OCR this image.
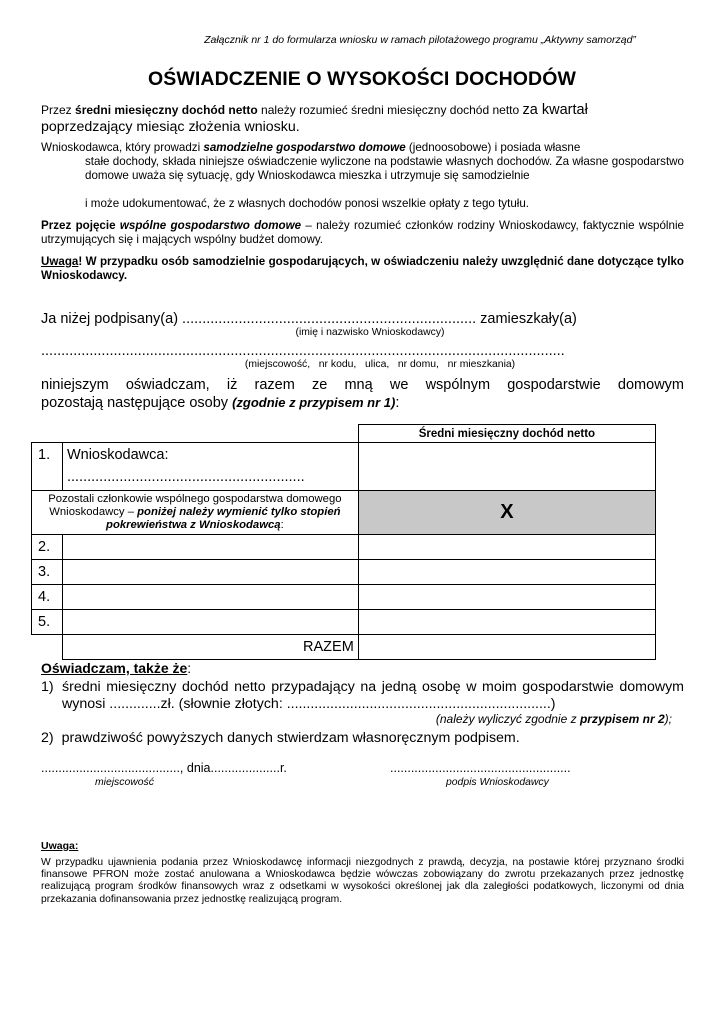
Załącznik nr 1 do formularza wniosku w ramach pilotażowego programu „Aktywny samorząd”
OŚWIADCZENIE O WYSOKOŚCI DOCHODÓW
Przez średni miesięczny dochód netto należy rozumieć średni miesięczny dochód netto za kwartał
poprzedzający miesiąc złożenia wniosku.
Wnioskodawca, który prowadzi samodzielne gospodarstwo domowe (jednoosobowe) i posiada własne
stałe dochody, składa niniejsze oświadczenie wyliczone na podstawie własnych dochodów. Za własne gospodarstwo domowe uważa się sytuację, gdy Wnioskodawca mieszka i utrzymuje się samodzielnie
i może udokumentować, że z własnych dochodów ponosi wszelkie opłaty z tego tytułu.
Przez pojęcie wspólne gospodarstwo domowe – należy rozumieć członków rodziny Wnioskodawcy, faktycznie wspólnie utrzymujących się i mających wspólny budżet domowy.
Uwaga! W przypadku osób samodzielnie gospodarujących, w oświadczeniu należy uwzględnić dane dotyczące tylko Wnioskodawcy.
Ja niżej podpisany(a) ......................................................................... zamieszkały(a)
(imię i nazwisko Wnioskodawcy)
..................................................................................................................................
(miejscowość,   nr kodu,   ulica,   nr domu,   nr mieszkania)
niniejszym oświadczam, iż razem ze mną we wspólnym gospodarstwie domowym
pozostają następujące osoby (zgodnie z przypisem nr 1):
		Średni miesięczny dochód netto
1.	Wnioskodawca:
...........................................................	

Pozostali członkowie wspólnego gospodarstwa domowego Wnioskodawcy – poniżej należy wymienić tylko stopień pokrewieństwa z Wnioskodawcą:		X
2.		
3.		
4.		
5.		
	RAZEM	
Oświadczam, także że:
1) średni miesięczny dochód netto przypadający na jedną osobę w moim gospodarstwie domowym wynosi .............zł. (słownie złotych: ...................................................................)
(należy wyliczyć zgodnie z przypisem nr 2);
2) prawdziwość powyższych danych stwierdzam własnoręcznym podpisem.
........................................, dnia....................r.
miejscowość
....................................................
podpis Wnioskodawcy
Uwaga:
W przypadku ujawnienia podania przez Wnioskodawcę informacji niezgodnych z prawdą, decyzja, na postawie której przyznano środki finansowe PFRON może zostać anulowana a Wnioskodawca będzie wówczas zobowiązany do zwrotu przekazanych przez jednostkę realizującą program środków finansowych wraz z odsetkami w wysokości określonej jak dla zaległości podatkowych, liczonymi od dnia przekazania dofinansowania przez jednostkę realizującą program.
